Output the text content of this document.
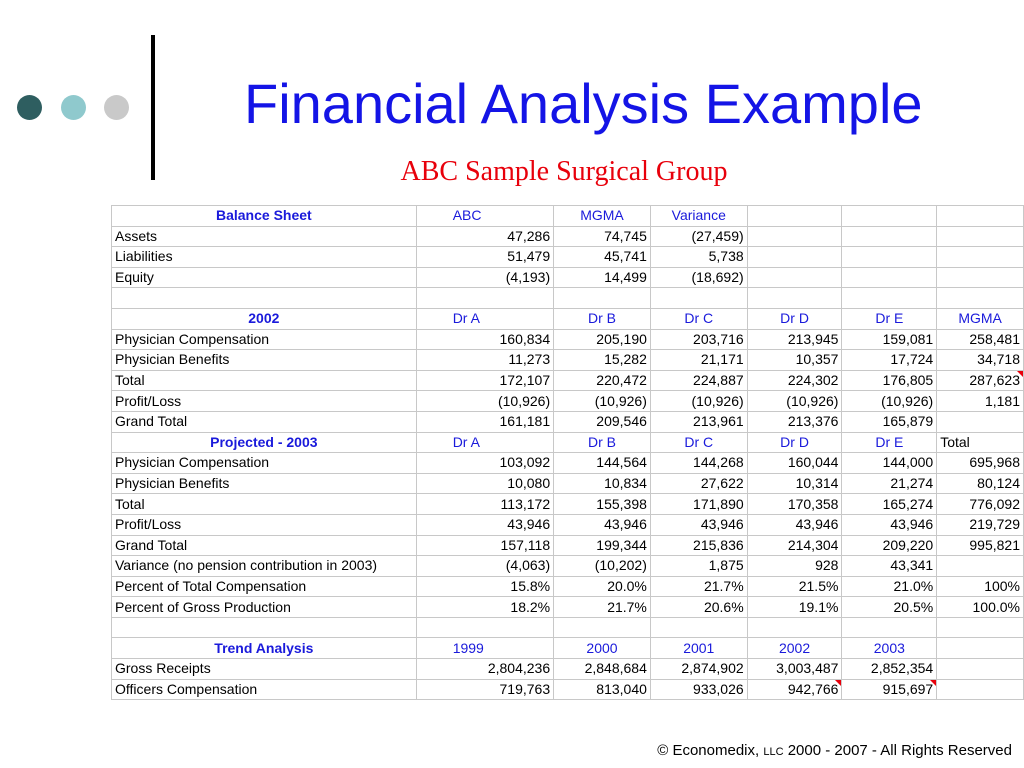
Financial Analysis Example
ABC Sample Surgical Group
Balance Sheet	ABC	MGMA	Variance			
Assets	47,286	74,745	(27,459)			
Liabilities	51,479	45,741	5,738			
Equity	(4,193)	14,499	(18,692)			

2002	Dr A	Dr B	Dr C	Dr D	Dr E	MGMA
Physician Compensation	160,834	205,190	203,716	213,945	159,081	258,481
Physician Benefits	11,273	15,282	21,171	10,357	17,724	34,718
Total	172,107	220,472	224,887	224,302	176,805	287,623
Profit/Loss	(10,926)	(10,926)	(10,926)	(10,926)	(10,926)	1,181
Grand Total	161,181	209,546	213,961	213,376	165,879	
Projected - 2003	Dr A	Dr B	Dr C	Dr D	Dr E	Total
Physician Compensation	103,092	144,564	144,268	160,044	144,000	695,968
Physician Benefits	10,080	10,834	27,622	10,314	21,274	80,124
Total	113,172	155,398	171,890	170,358	165,274	776,092
Profit/Loss	43,946	43,946	43,946	43,946	43,946	219,729
Grand Total	157,118	199,344	215,836	214,304	209,220	995,821
Variance (no pension contribution in 2003)	(4,063)	(10,202)	1,875	928	43,341	
Percent of Total Compensation	15.8%	20.0%	21.7%	21.5%	21.0%	100%
Percent of Gross Production	18.2%	21.7%	20.6%	19.1%	20.5%	100.0%

Trend Analysis	1999	2000	2001	2002	2003	
Gross Receipts	2,804,236	2,848,684	2,874,902	3,003,487	2,852,354	
Officers Compensation	719,763	813,040	933,026	942,766	915,697	
© Economedix, LLC 2000 - 2007 - All Rights Reserved
